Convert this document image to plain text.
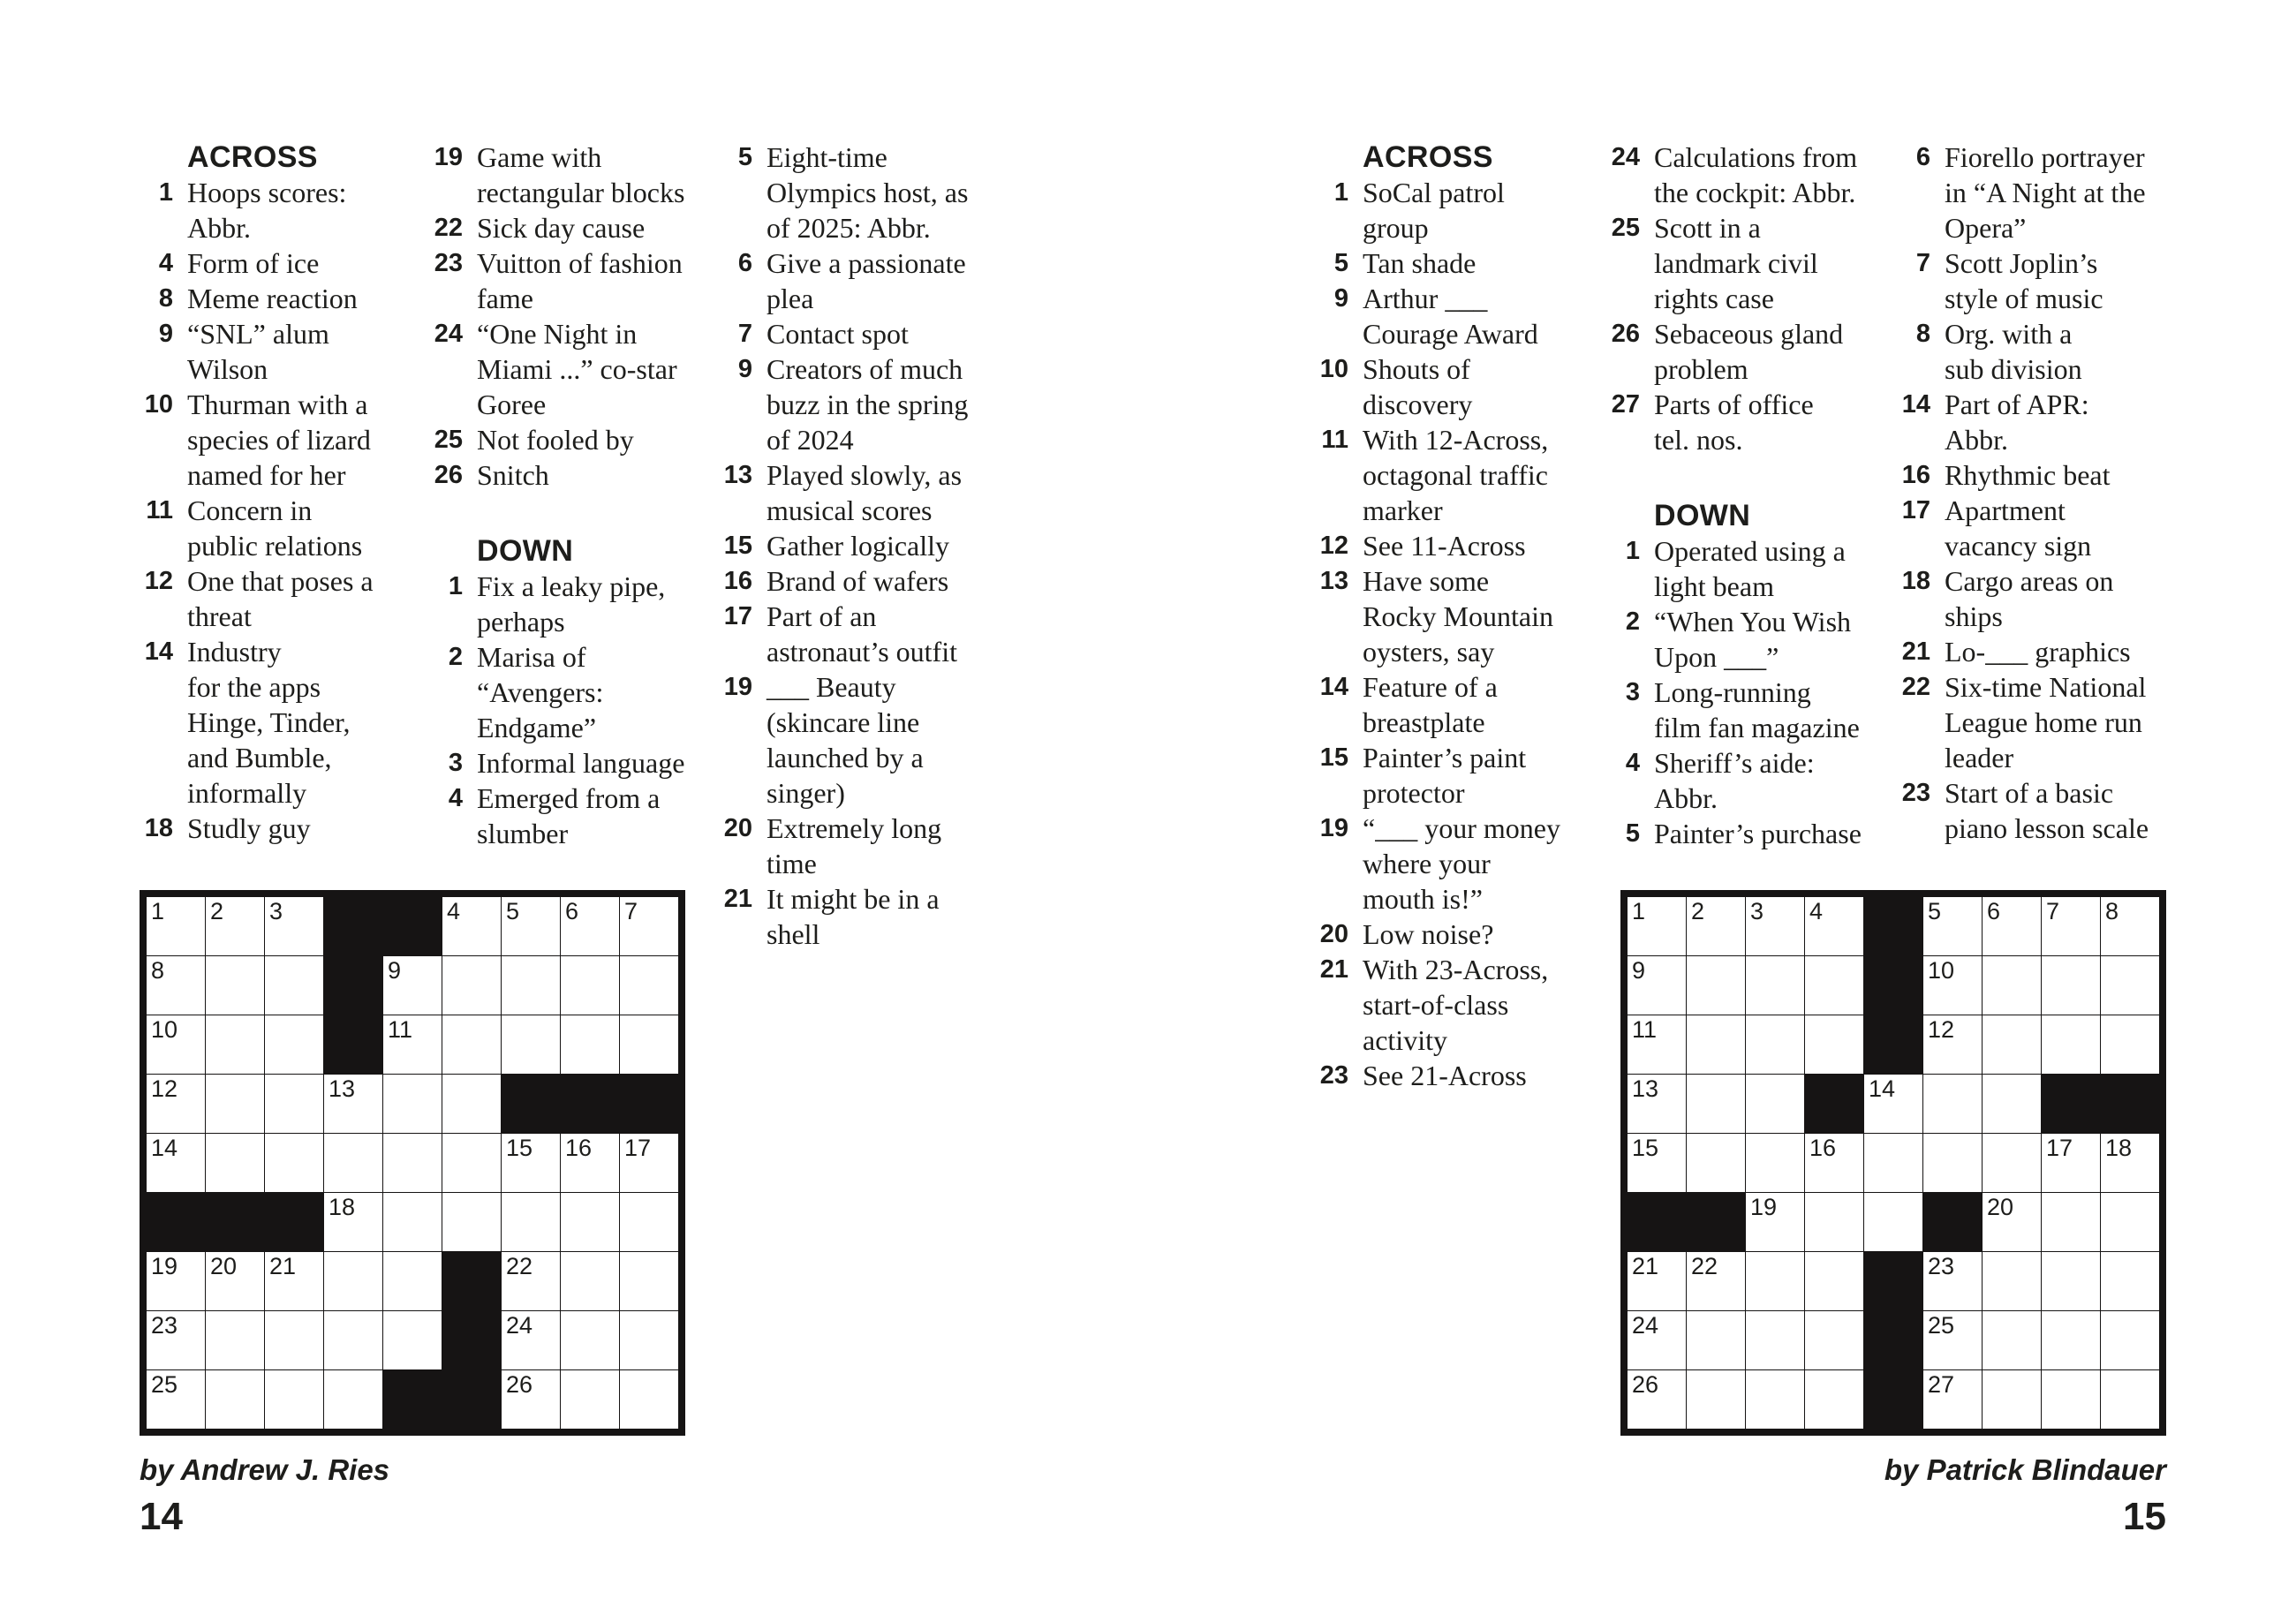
ACROSS
1 Hoops scores:
Abbr.
4 Form of ice
8 Meme reaction
9 “SNL” alum
Wilson
10 Thurman with a
species of lizard
named for her
11 Concern in
public relations
12 One that poses a
threat
14 Industry
for the apps
Hinge, Tinder,
and Bumble,
informally
18 Studly guy
19 Game with
rectangular blocks
22 Sick day cause
23 Vuitton of fashion
fame
24 “One Night in
Miami ...” co-star
Goree
25 Not fooled by
26 Snitch
DOWN
1 Fix a leaky pipe,
perhaps
2 Marisa of
“Avengers:
Endgame”
3 Informal language
4 Emerged from a
slumber
5 Eight-time
Olympics host, as
of 2025: Abbr.
6 Give a passionate
plea
7 Contact spot
9 Creators of much
buzz in the spring
of 2024
13 Played slowly, as
musical scores
15 Gather logically
16 Brand of wafers
17 Part of an
astronaut’s outfit
19 ___ Beauty
(skincare line
launched by a
singer)
20 Extremely long
time
21 It might be in a
shell
1 2 3	4 5 6 7
8	9
10	11
12	13
14	15 16 17
18
19 20 21	22
23	24
25	26
by Andrew J. Ries
14
ACROSS
1 SoCal patrol
group
5 Tan shade
9 Arthur ___
Courage Award
10 Shouts of
discovery
11 With 12-Across,
octagonal traffic
marker
12 See 11-Across
13 Have some
Rocky Mountain
oysters, say
14 Feature of a
breastplate
15 Painter’s paint
protector
19 “___ your money
where your
mouth is!”
20 Low noise?
21 With 23-Across,
start-of-class
activity
23 See 21-Across
24 Calculations from
the cockpit: Abbr.
25 Scott in a
landmark civil
rights case
26 Sebaceous gland
problem
27 Parts of office
tel. nos.
DOWN
1 Operated using a
light beam
2 “When You Wish
Upon ___”
3 Long-running
film fan magazine
4 Sheriff’s aide:
Abbr.
5 Painter’s purchase
6 Fiorello portrayer
in “A Night at the
Opera”
7 Scott Joplin’s
style of music
8 Org. with a
sub division
14 Part of APR:
Abbr.
16 Rhythmic beat
17 Apartment
vacancy sign
18 Cargo areas on
ships
21 Lo-___ graphics
22 Six-time National
League home run
leader
23 Start of a basic
piano lesson scale
1 2 3 4	5 6 7 8
9	10
11	12
13	14
15	16	17 18
19	20
21 22	23
24	25
26	27
by Patrick Blindauer
15
